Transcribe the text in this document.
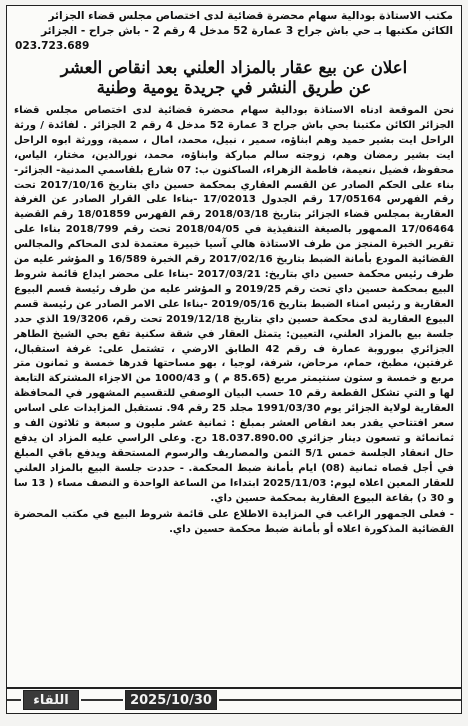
مكتب الاستاذة بودالية سهام محضرة قضائية لدى اختصاص مجلس قضاء الجزائر
الكائن مكتبها بـ حي باش جراح 3 عمارة 52 مدخل 4 رقم 2 - باش جراح - الجزائر
023.723.689
اعلان عن بيع عقار بالمزاد العلني بعد انقاص العشر
عن طريق النشر في جريدة يومية وطنية

نحن الموقعة ادناه الاستاذة بودالية سهام محضرة قضائية لدى اختصاص مجلس قضاء الجزائر الكائن مكتبنا بحي باش جراح 3 عمارة 52 مدخل 4 رقم 2 الجزائر . لفائدة / ورثة الراحل ايت بشير حميد وهم ابناؤه، سمير ، نبيل، محمد، امال ، سمية، وورثة ابوه الراحل ايت بشير رمضان وهم، زوجته سالم مباركة وابناؤه، محمد، نورالدين، مختار، الياس، محفوظ، فضيل ،نعيمة، فاطمة الزهراء، الساكنون ب: 07 شارع بلقاسمي المدنية- الجزائر- بناء على الحكم الصادر عن القسم العقاري بمحكمة حسين داي بتاريخ 2017/10/16 تحت رقم الفهرس 17/05164 رقم الجدول 17/02013 -بناءا على القرار الصادر عن الغرفة العقارية بمجلس قضاء الجزائر بتاريخ 2018/03/18 رقم الفهرس 18/01859 رقم القضية 17/06464 الممهور بالصيغة التنفيذية في 2018/04/05 تحت رقم 2018/799 بناءا على تقرير الخبرة المنجز من طرف الاستاذة هالي آسيا خبيرة معتمدة لدى المحاكم والمجالس القضائية المودع بأمانة الضبط بتاريخ 2017/02/16 رقم الخبرة 16/589 و المؤشر عليه من طرف رئيس محكمة حسين داي بتاريخ: 2017/03/21 -بناءا على محضر ايداع قائمة شروط البيع بمحكمة حسين داي تحت رقم 2019/25 و المؤشر عليه من طرف رئيسة قسم البيوع العقارية و رئيس امناء الضبط بتاريخ 2019/05/16 -بناءا على الامر الصادر عن رئيسة قسم البيوع العقارية لدى محكمة حسين داي بتاريخ 2019/12/18 تحت رقم، 19/3206 الذي حدد جلسة بيع بالمزاد العلني، التعيين: يتمثل العقار في شقة سكنية تقع بحي الشيخ الطاهر الجزائري ببوروبة عمارة ف رقم 42 الطابق الارضي ، تشتمل على: غرفة استقبال، غرفتين، مطبخ، حمام، مرحاض، شرفة، لوجيا ، بهو مساحتها قدرها خمسة و ثمانون متر مربع و خمسة و ستون سنتيمتر مربع (85.65 م ) و 1000/43 من الاجزاء المشتركة التابعة لها و التي تشكل القطعة رقم 10 حسب البيان الوصفي للتقسيم المشهور في المحافظة العقارية لولاية الجزائر يوم 1991/03/30 مجلد 25 رقم 94. تستقبل المزايدات على اساس سعر افتتاحي يقدر بعد انقاص العشر بمبلغ : ثمانية عشر مليون و سبعة و ثلاثون الف و ثمانمائة و تسعون دينار جزائري 18.037.890.00 دج. وعلى الراسي عليه المزاد ان يدفع حال انعقاد الجلسة خمس 5/1 الثمن والمصاريف والرسوم المستحقة ويدفع باقي المبلغ في أجل قصاه ثمانية (08) ايام بأمانة ضبط المحكمة. - حددت جلسة البيع بالمزاد العلني للعقار المعين اعلاه ليوم: 2025/11/03 ابتداءا من الساعة الواحدة و النصف مساء ( 13 سا و 30 د) بقاعة البيوع العقارية بمحكمة حسين داي.

- فعلى الجمهور الراغب في المزايدة الاطلاع على قائمة شروط البيع في مكتب المحضرة القضائية المذكورة اعلاه أو بأمانة ضبط محكمة حسين داي.
اللقاء	2025/10/30
